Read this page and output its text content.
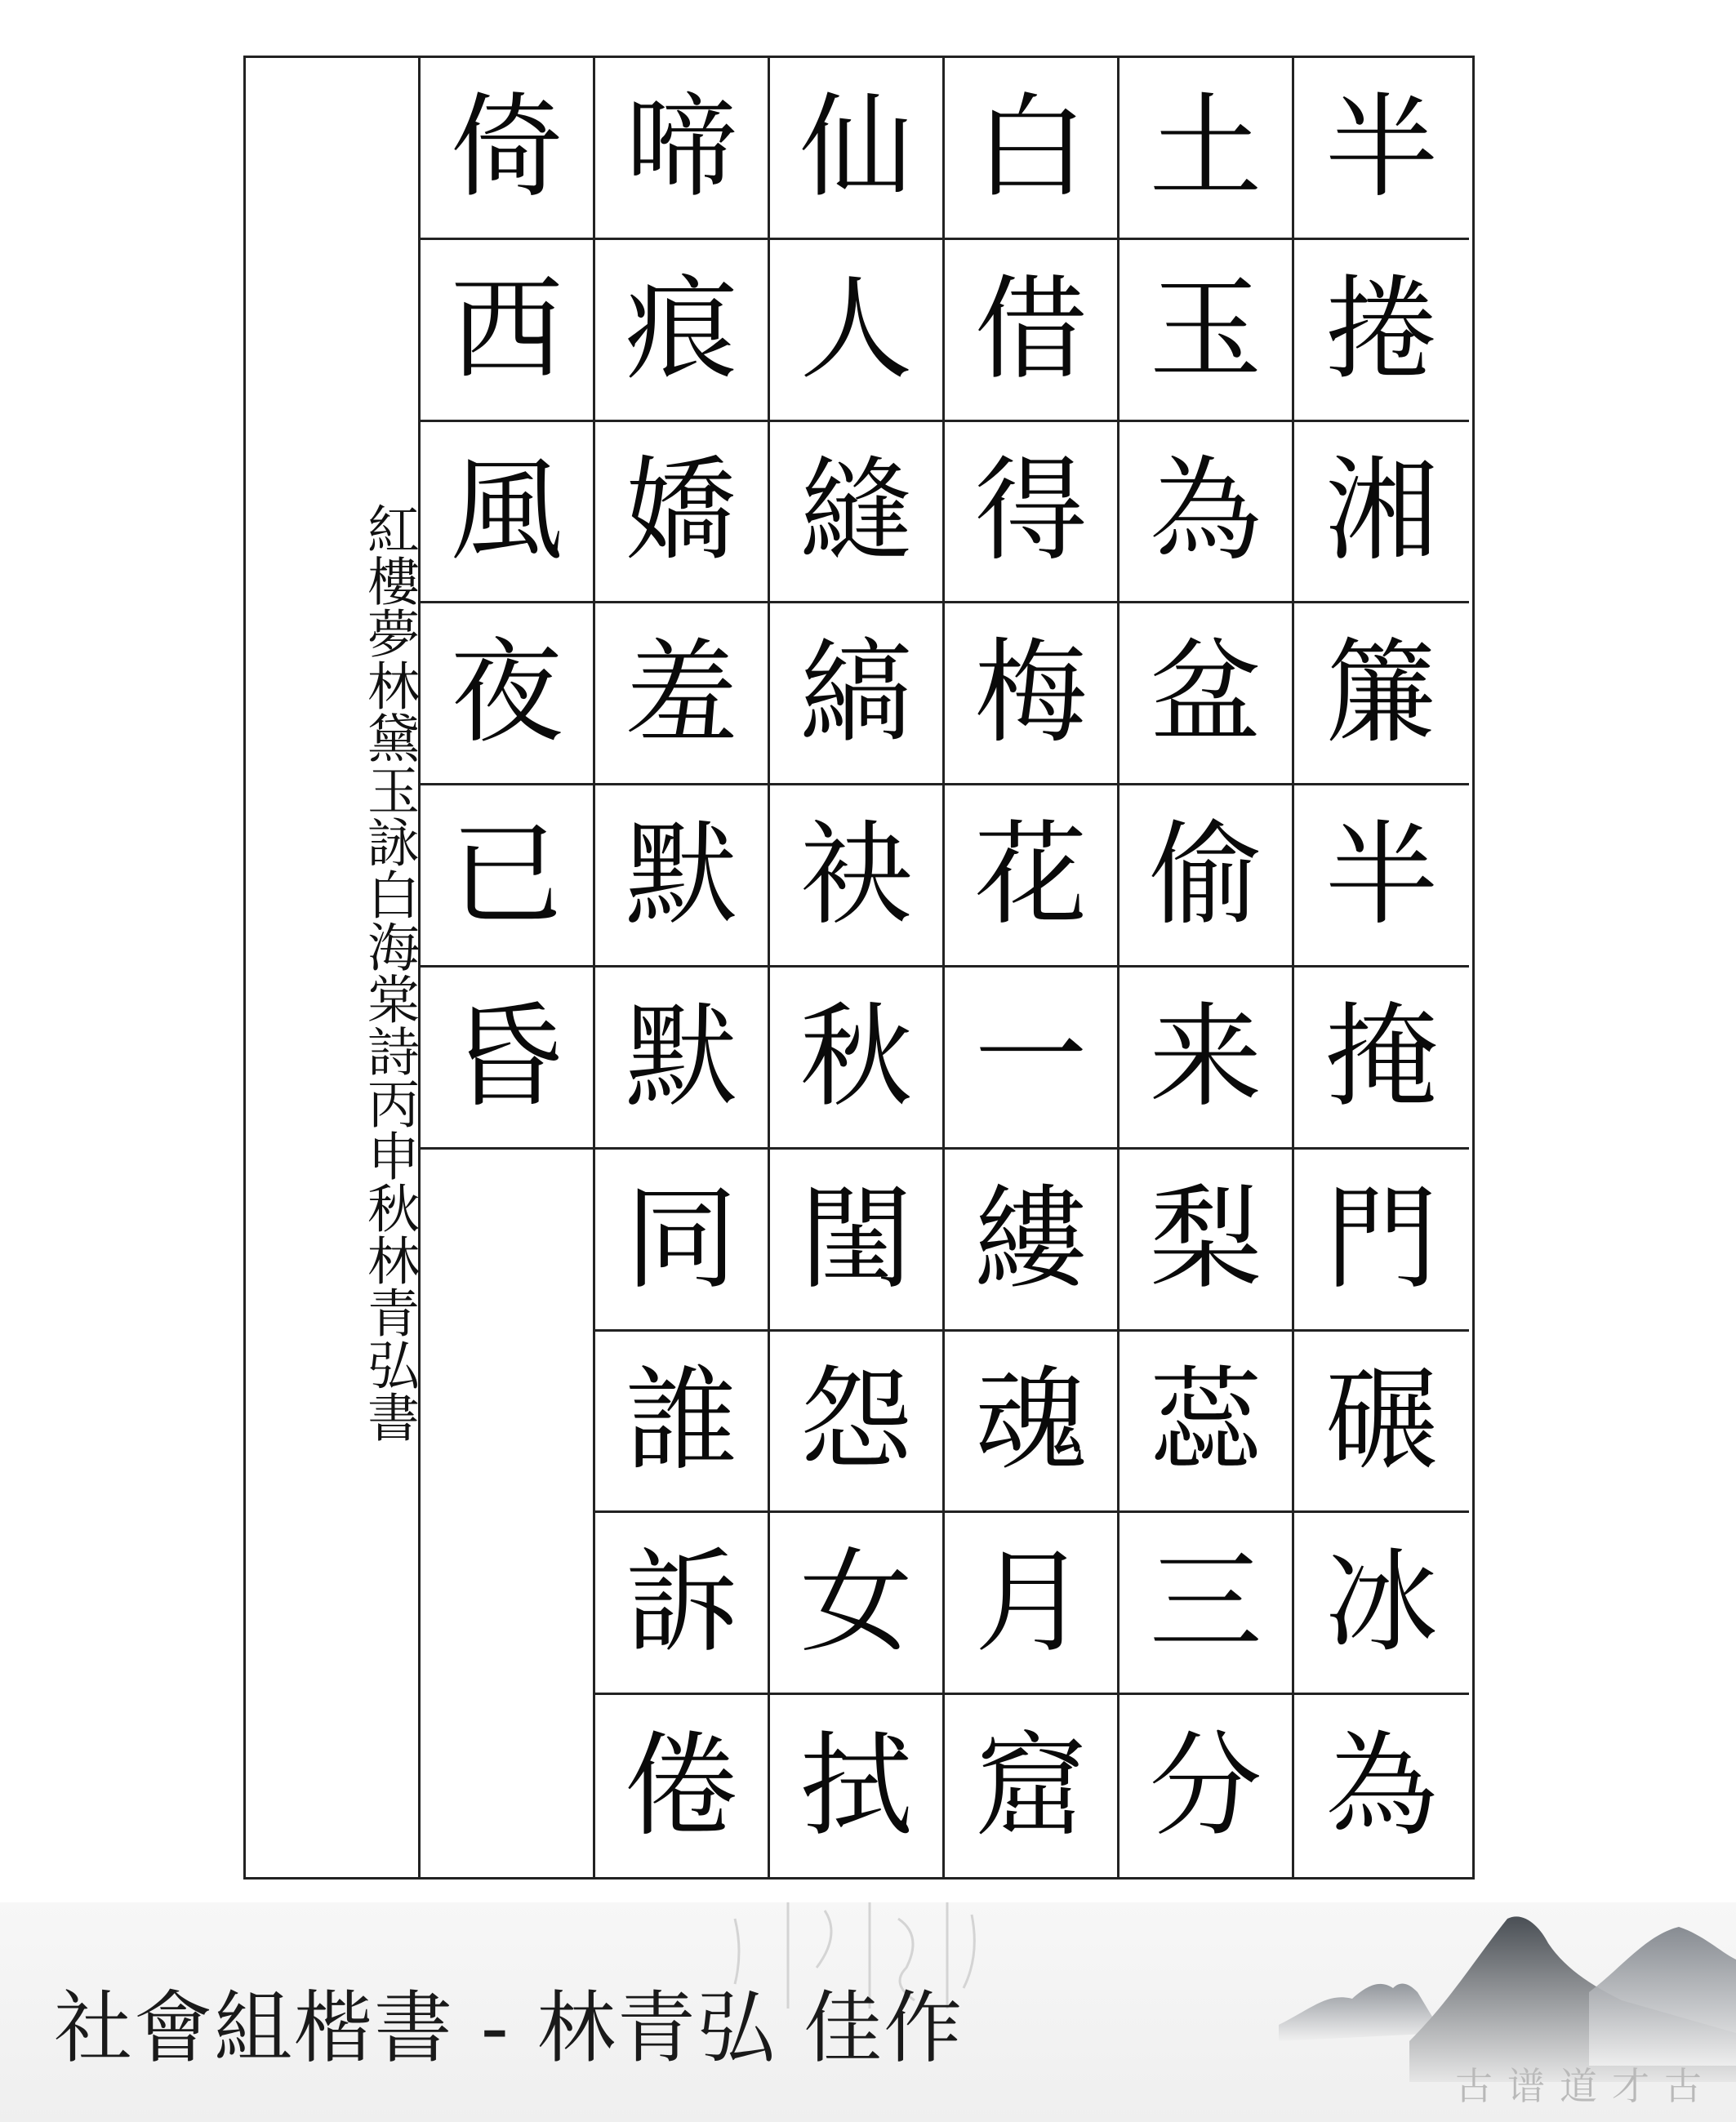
紅樓夢林黛玉詠白海棠詩丙申秋林青弘書
倚
西
風
夜
已
昏
啼
痕
嬌
羞
默
默
同
誰
訴
倦
仙
人
縫
縞
袂
秋
閨
怨
女
拭
白
借
得
梅
花
一
縷
魂
月
窟
土
玉
為
盆
偷
来
梨
蕊
三
分
半
捲
湘
簾
半
掩
門
碾
冰
為
社會組楷書 - 林青弘 佳作
古谱道才古
